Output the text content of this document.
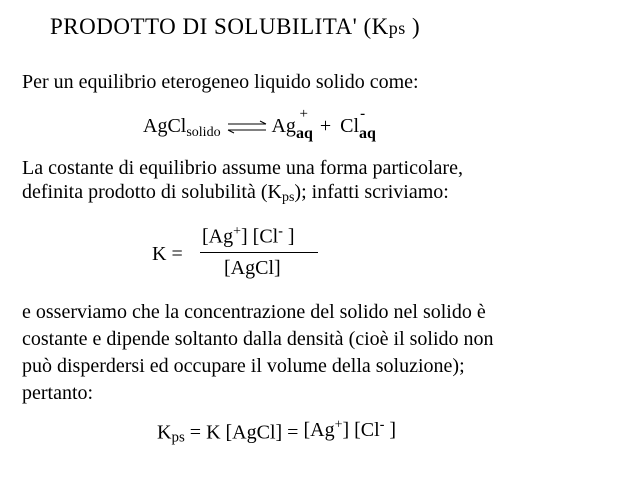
PRODOTTO DI SOLUBILITA' (Kps )
Per un equilibrio eterogeneo liquido solido come:
AgCl$_{solido}$ ⇌ Ag
+
$_{aq}$ + Cl
-
$_{aq}$
La costante di equilibrio assume una forma particolare,
definita prodotto di solubilità $(K_{ps})$; infatti scriviamo:
K =
[Ag+] [Cl- ]
[AgCl]
e osserviamo che la concentrazione del solido nel solido è
costante e dipende soltanto dalla densità (cioè il solido non
può disperdersi ed occupare il volume della soluzione);
pertanto:
$K_{ps} = K$ [AgCl] = [Ag+] [Cl- ]
